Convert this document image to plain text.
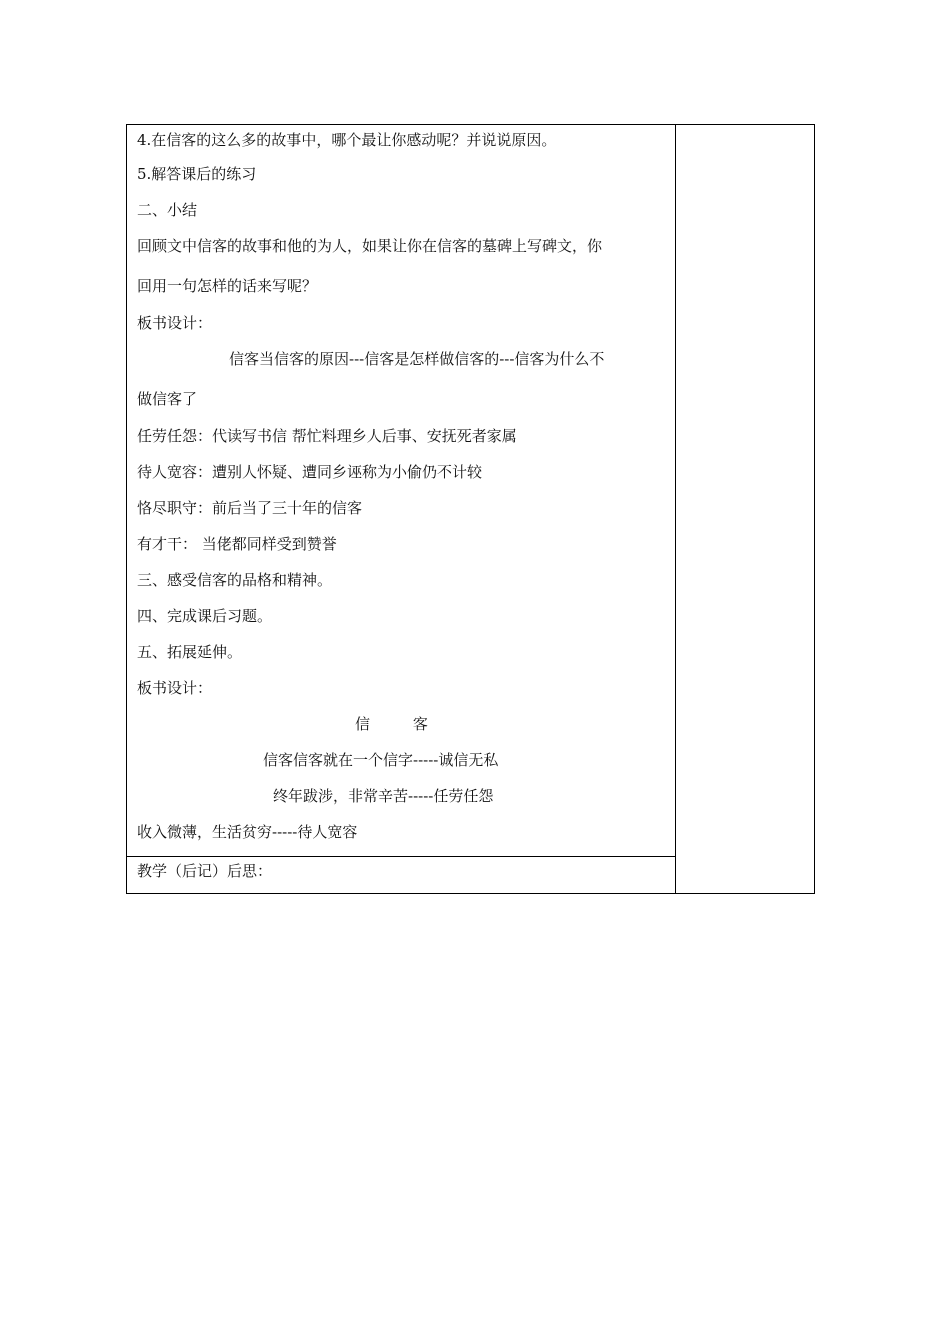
4.在信客的这么多的故事中，哪个最让你感动呢？并说说原因。
5.解答课后的练习
二、小结
回顾文中信客的故事和他的为人，如果让你在信客的墓碑上写碑文，你
回用一句怎样的话来写呢？
板书设计：
信客当信客的原因---信客是怎样做信客的---信客为什么不
做信客了
任劳任怨：代读写书信 帮忙料理乡人后事、安抚死者家属
待人宽容：遭别人怀疑、遭同乡诬称为小偷仍不计较
恪尽职守：前后当了三十年的信客
有才干： 当佬都同样受到赞誉
三、感受信客的品格和精神。
四、完成课后习题。
五、拓展延伸。
板书设计：
信         客
信客信客就在一个信字-----诚信无私
终年跋涉，非常辛苦-----任劳任怨
收入微薄，生活贫穷-----待人宽容
教学（后记）后思：
